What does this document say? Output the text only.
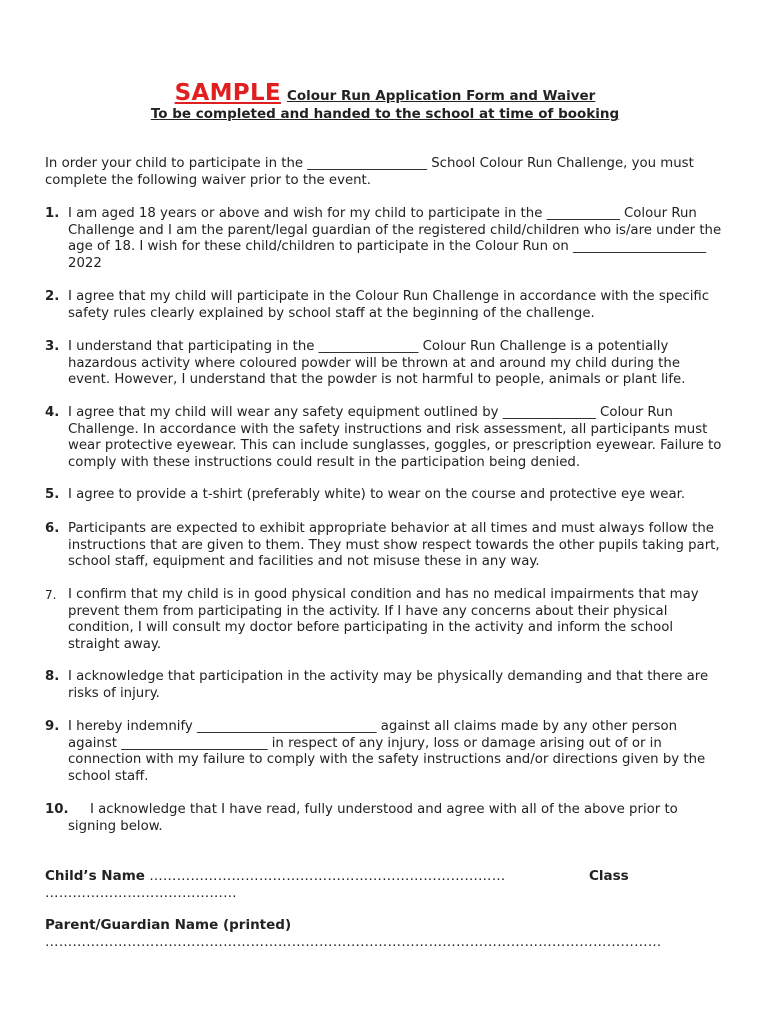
SAMPLE Colour Run Application Form and Waiver
To be completed and handed to the school at time of booking
In order your child to participate in the __________________ School Colour Run Challenge, you must complete the following waiver prior to the event.
1. I am aged 18 years or above and wish for my child to participate in the ___________ Colour Run Challenge and I am the parent/legal guardian of the registered child/children who is/are under the age of 18. I wish for these child/children to participate in the Colour Run on ____________________ 2022
2. I agree that my child will participate in the Colour Run Challenge in accordance with the specific safety rules clearly explained by school staff at the beginning of the challenge.
3. I understand that participating in the _______________ Colour Run Challenge is a potentially hazardous activity where coloured powder will be thrown at and around my child during the event. However, I understand that the powder is not harmful to people, animals or plant life.
4. I agree that my child will wear any safety equipment outlined by ______________ Colour Run Challenge. In accordance with the safety instructions and risk assessment, all participants must wear protective eyewear. This can include sunglasses, goggles, or prescription eyewear. Failure to comply with these instructions could result in the participation being denied.
5. I agree to provide a t-shirt (preferably white) to wear on the course and protective eye wear.
6. Participants are expected to exhibit appropriate behavior at all times and must always follow the instructions that are given to them. They must show respect towards the other pupils taking part, school staff, equipment and facilities and not misuse these in any way.
7. I confirm that my child is in good physical condition and has no medical impairments that may prevent them from participating in the activity. If I have any concerns about their physical condition, I will consult my doctor before participating in the activity and inform the school straight away.
8. I acknowledge that participation in the activity may be physically demanding and that there are risks of injury.
9. I hereby indemnify ___________________________ against all claims made by any other person against ______________________ in respect of any injury, loss or damage arising out of or in connection with my failure to comply with the safety instructions and/or directions given by the school staff.
10.	I acknowledge that I have read, fully understood and agree with all of the above prior to signing below.
Child’s Name ……………………………………………………………………	Class
……………………………………
Parent/Guardian Name (printed)
………………………………………………………………………………………………………………………
